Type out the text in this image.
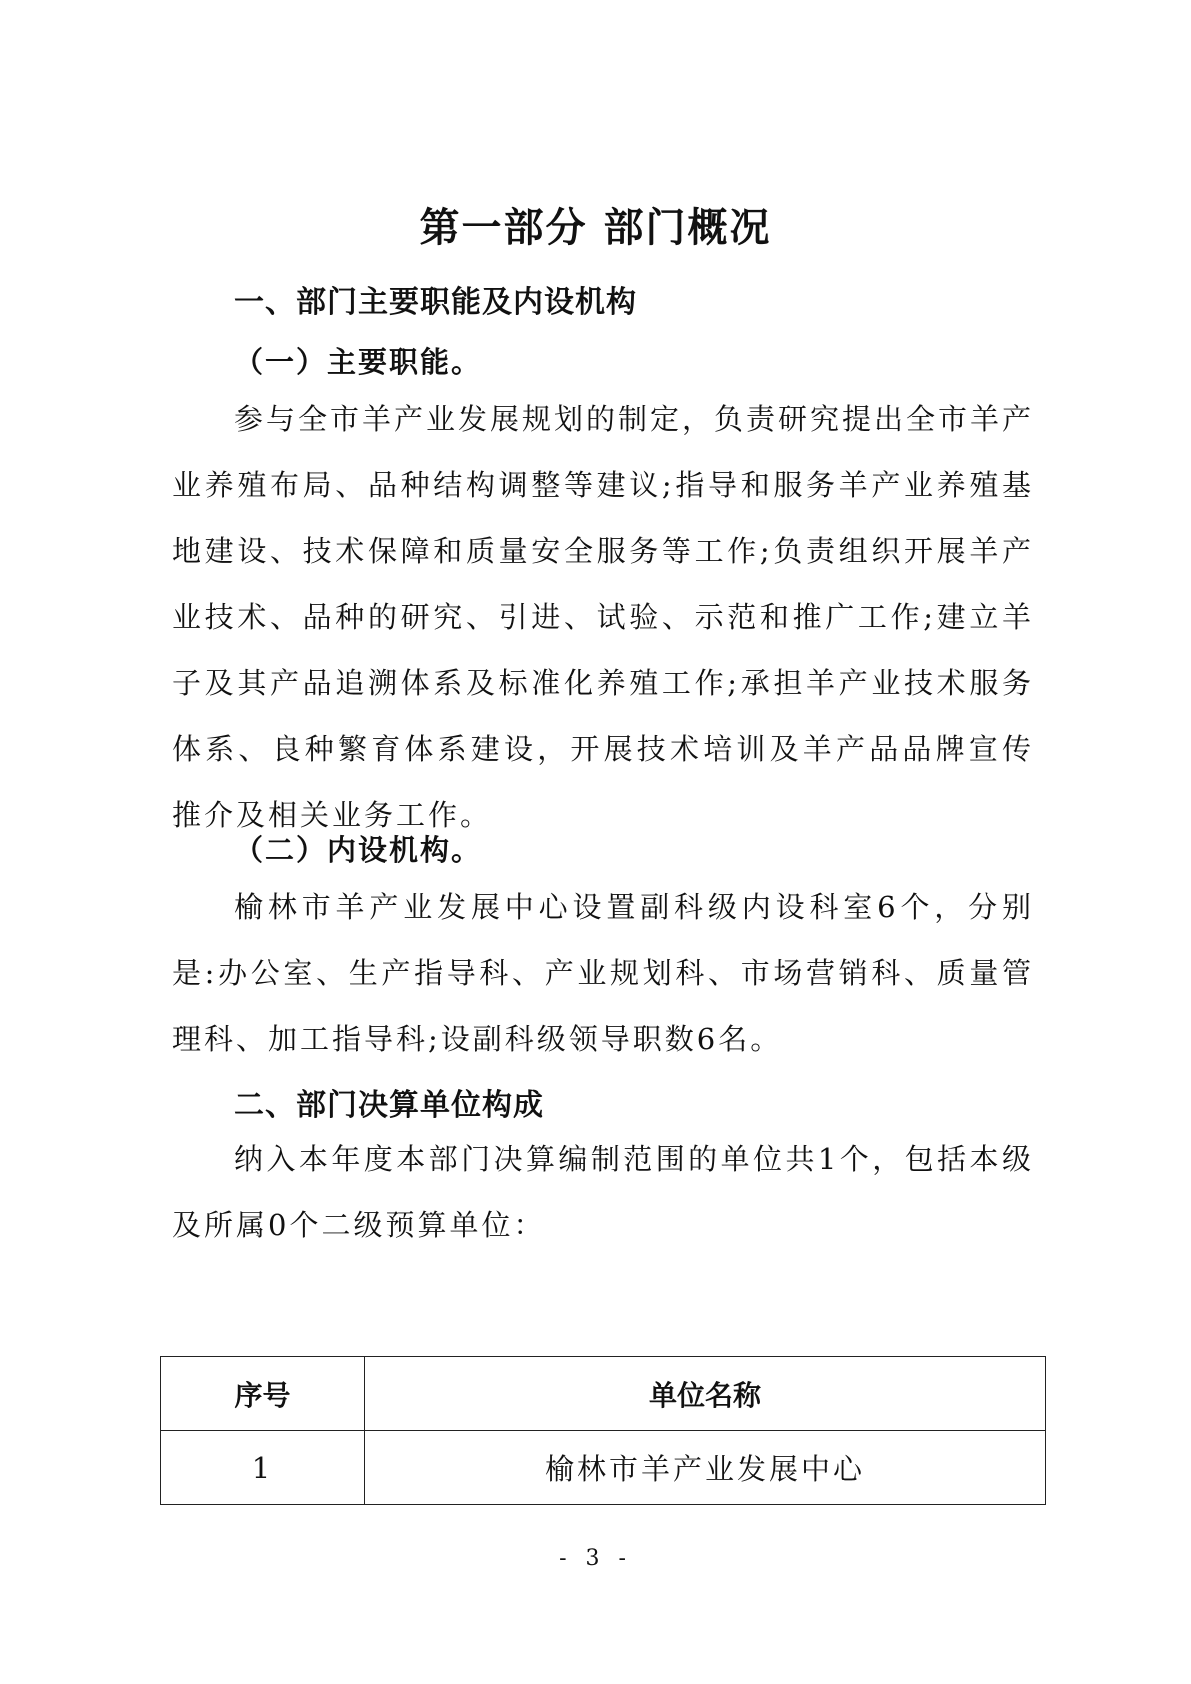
第一部分 部门概况
一、部门主要职能及内设机构
（一）主要职能。

参与全市羊产业发展规划的制定，负责研究提出全市羊产业养殖布局、品种结构调整等建议;指导和服务羊产业养殖基地建设、技术保障和质量安全服务等工作;负责组织开展羊产业技术、品种的研究、引进、试验、示范和推广工作;建立羊子及其产品追溯体系及标准化养殖工作;承担羊产业技术服务体系、良种繁育体系建设，开展技术培训及羊产品品牌宣传推介及相关业务工作。

（二）内设机构。

榆林市羊产业发展中心设置副科级内设科室6个，分别是:办公室、生产指导科、产业规划科、市场营销科、质量管理科、加工指导科;设副科级领导职数6名。

二、部门决算单位构成

纳入本年度本部门决算编制范围的单位共1个，包括本级及所属0个二级预算单位：

序号	单位名称
1	榆林市羊产业发展中心
- 3 -
